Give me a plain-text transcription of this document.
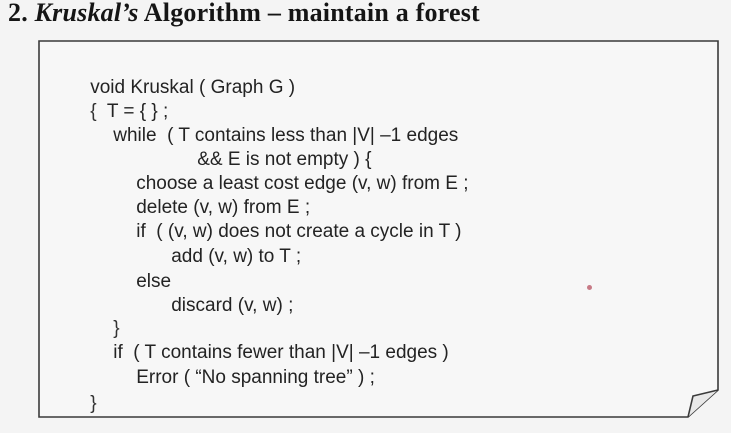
2. Kruskal’s Algorithm – maintain a forest

void Kruskal ( Graph G )

{ T = { } ;

while ( T contains less than |V| –1 edges

&& E is not empty ) {

choose a least cost edge (v, w) from E ;

delete (v, w) from E ;

if ( (v, w) does not create a cycle in T )

add (v, w) to T ;

else

discard (v, w) ;

}

if ( T contains fewer than |V| –1 edges )

Error ( “No spanning tree” ) ;

}
